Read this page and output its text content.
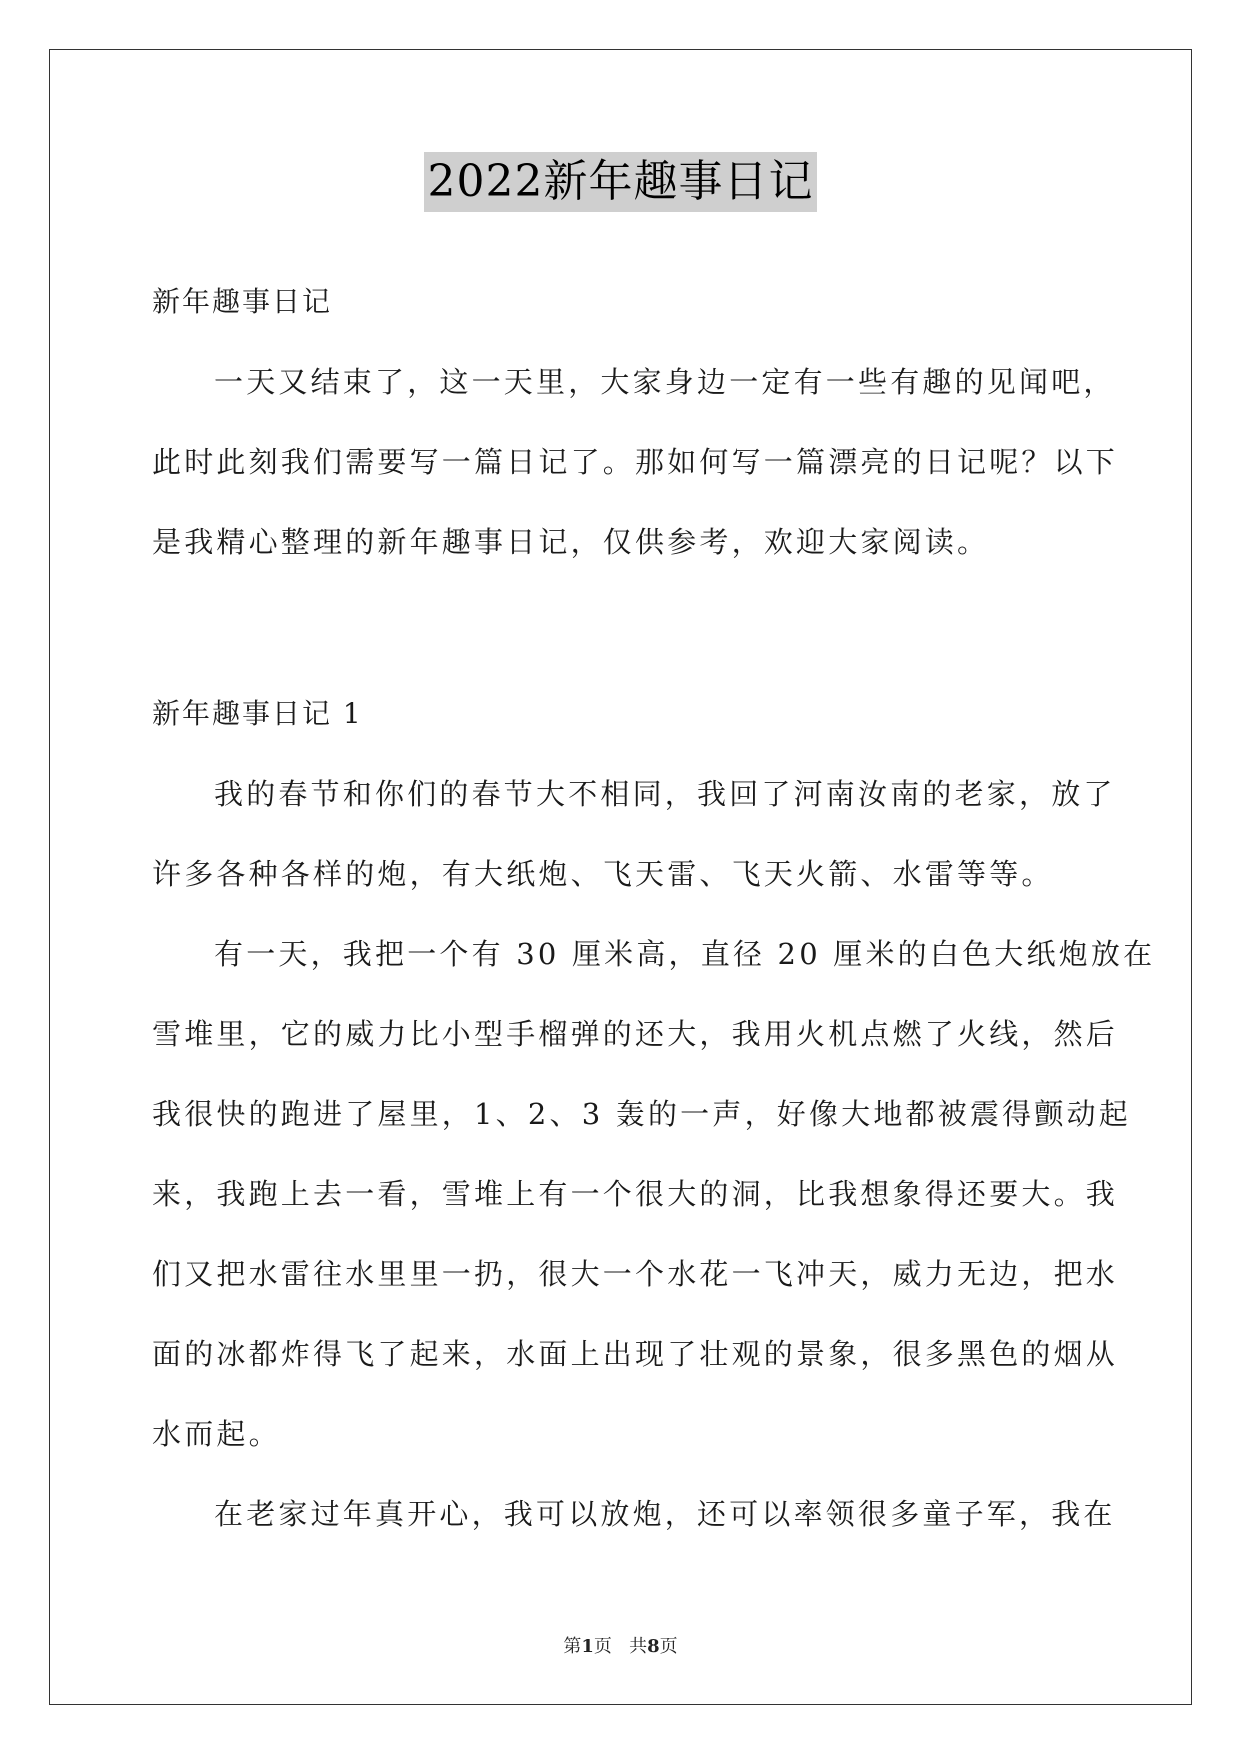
2022新年趣事日记
新年趣事日记
一天又结束了，这一天里，大家身边一定有一些有趣的见闻吧，
此时此刻我们需要写一篇日记了。那如何写一篇漂亮的日记呢？以下
是我精心整理的新年趣事日记，仅供参考，欢迎大家阅读。
新年趣事日记 1
我的春节和你们的春节大不相同，我回了河南汝南的老家，放了
许多各种各样的炮，有大纸炮、飞天雷、飞天火箭、水雷等等。
有一天，我把一个有 30 厘米高，直径 20 厘米的白色大纸炮放在
雪堆里，它的威力比小型手榴弹的还大，我用火机点燃了火线，然后
我很快的跑进了屋里，1、2、3 轰的一声，好像大地都被震得颤动起
来，我跑上去一看，雪堆上有一个很大的洞，比我想象得还要大。我
们又把水雷往水里里一扔，很大一个水花一飞冲天，威力无边，把水
面的冰都炸得飞了起来，水面上出现了壮观的景象，很多黑色的烟从
水而起。
在老家过年真开心，我可以放炮，还可以率领很多童子军，我在
第1页 共8页
